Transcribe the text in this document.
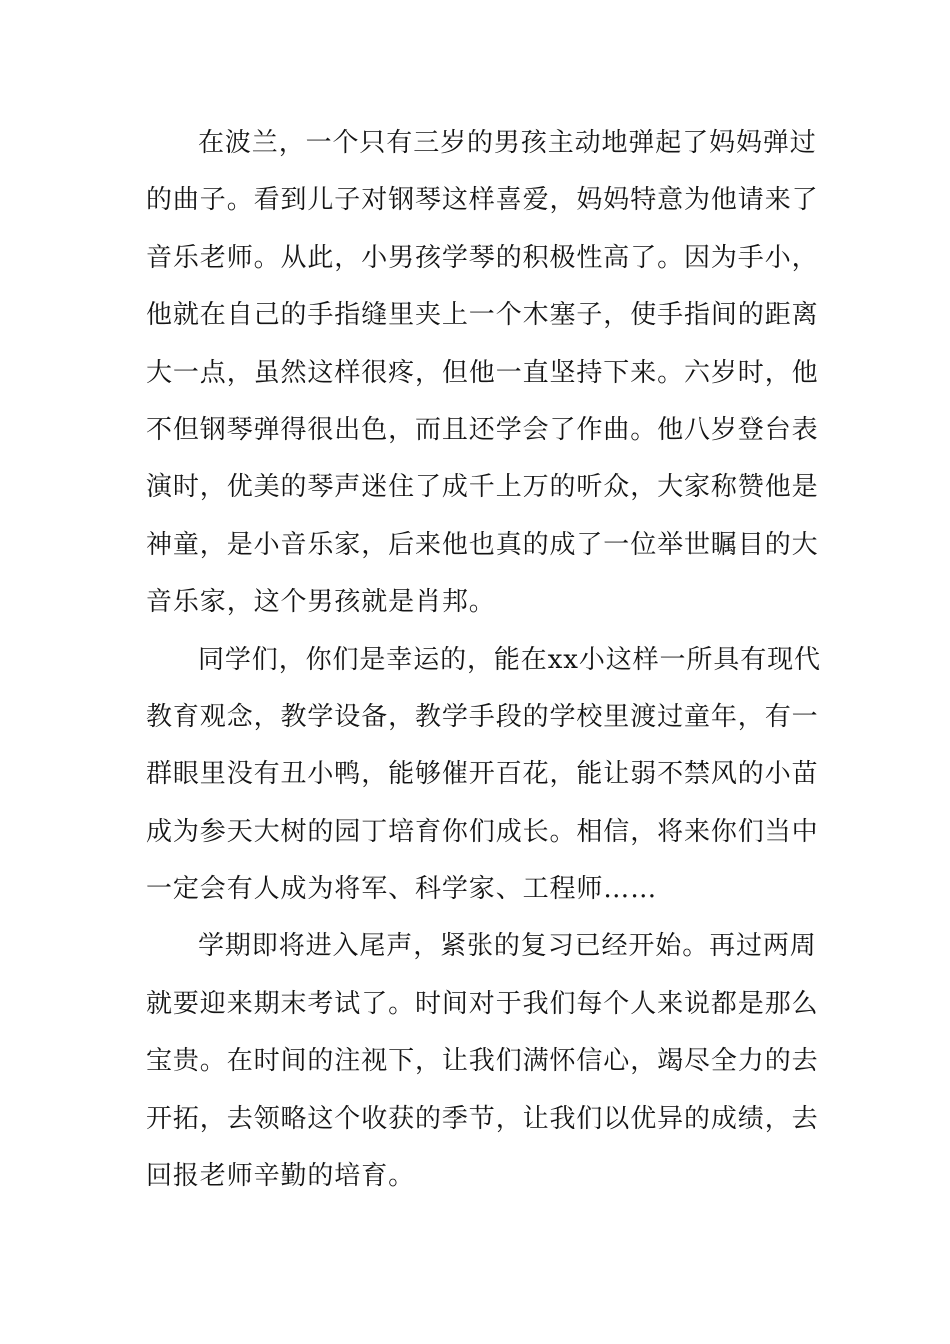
在波兰，一个只有三岁的男孩主动地弹起了妈妈弹过
的曲子。看到儿子对钢琴这样喜爱，妈妈特意为他请来了
音乐老师。从此，小男孩学琴的积极性高了。因为手小，
他就在自己的手指缝里夹上一个木塞子，使手指间的距离
大一点，虽然这样很疼，但他一直坚持下来。六岁时，他
不但钢琴弹得很出色，而且还学会了作曲。他八岁登台表
演时，优美的琴声迷住了成千上万的听众，大家称赞他是
神童，是小音乐家，后来他也真的成了一位举世瞩目的大
音乐家，这个男孩就是肖邦。
同学们，你们是幸运的，能在xx小这样一所具有现代
教育观念，教学设备，教学手段的学校里渡过童年，有一
群眼里没有丑小鸭，能够催开百花，能让弱不禁风的小苗
成为参天大树的园丁培育你们成长。相信，将来你们当中
一定会有人成为将军、科学家、工程师……
学期即将进入尾声，紧张的复习已经开始。再过两周
就要迎来期末考试了。时间对于我们每个人来说都是那么
宝贵。在时间的注视下，让我们满怀信心，竭尽全力的去
开拓，去领略这个收获的季节，让我们以优异的成绩，去
回报老师辛勤的培育。
